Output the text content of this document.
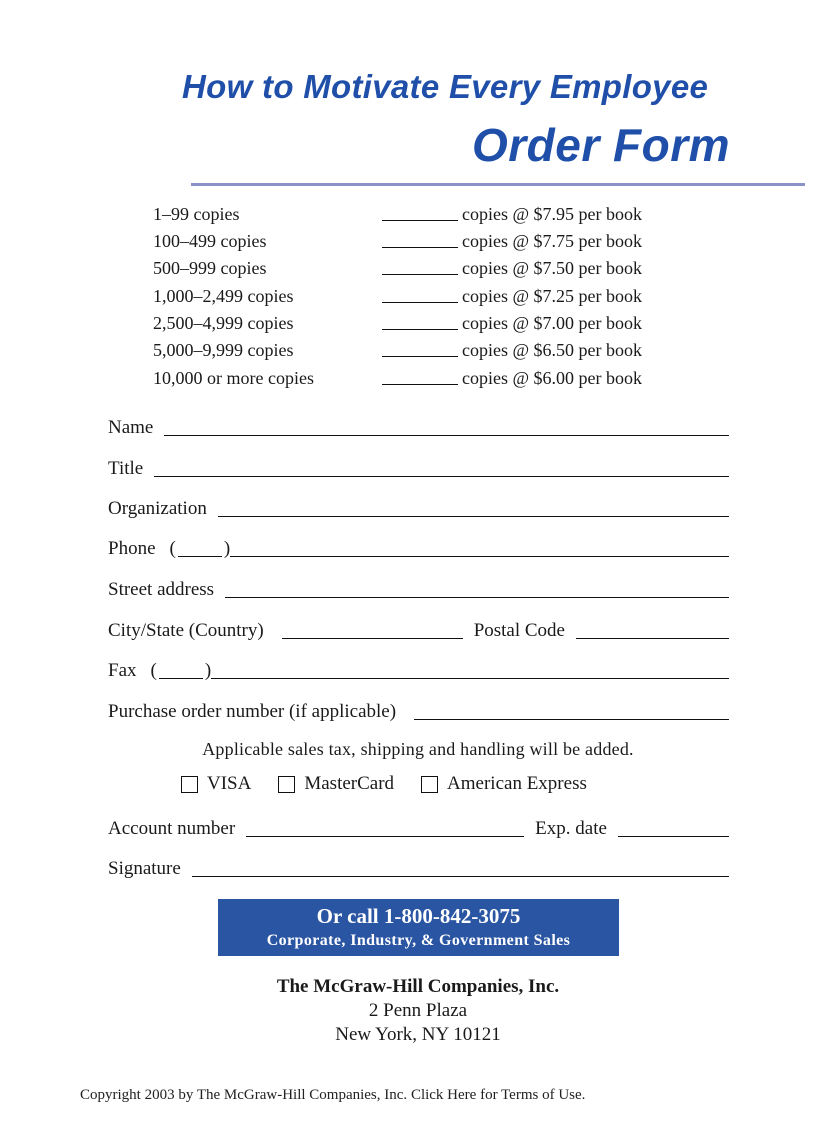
How to Motivate Every Employee
Order Form
1–99 copies	copies @ $7.95 per book
100–499 copies	copies @ $7.75 per book
500–999 copies	copies @ $7.50 per book
1,000–2,499 copies	copies @ $7.25 per book
2,500–4,999 copies	copies @ $7.00 per book
5,000–9,999 copies	copies @ $6.50 per book
10,000 or more copies	copies @ $6.00 per book
Name
Title
Organization
Phone (	)
Street address
City/State (Country)	Postal Code
Fax (	)
Purchase order number (if applicable)
Applicable sales tax, shipping and handling will be added.
VISA	MasterCard	American Express
Account number	Exp. date
Signature
Or call 1-800-842-3075
Corporate, Industry, & Government Sales
The McGraw-Hill Companies, Inc.
2 Penn Plaza
New York, NY 10121
Copyright 2003 by The McGraw-Hill Companies, Inc. Click Here for Terms of Use.
